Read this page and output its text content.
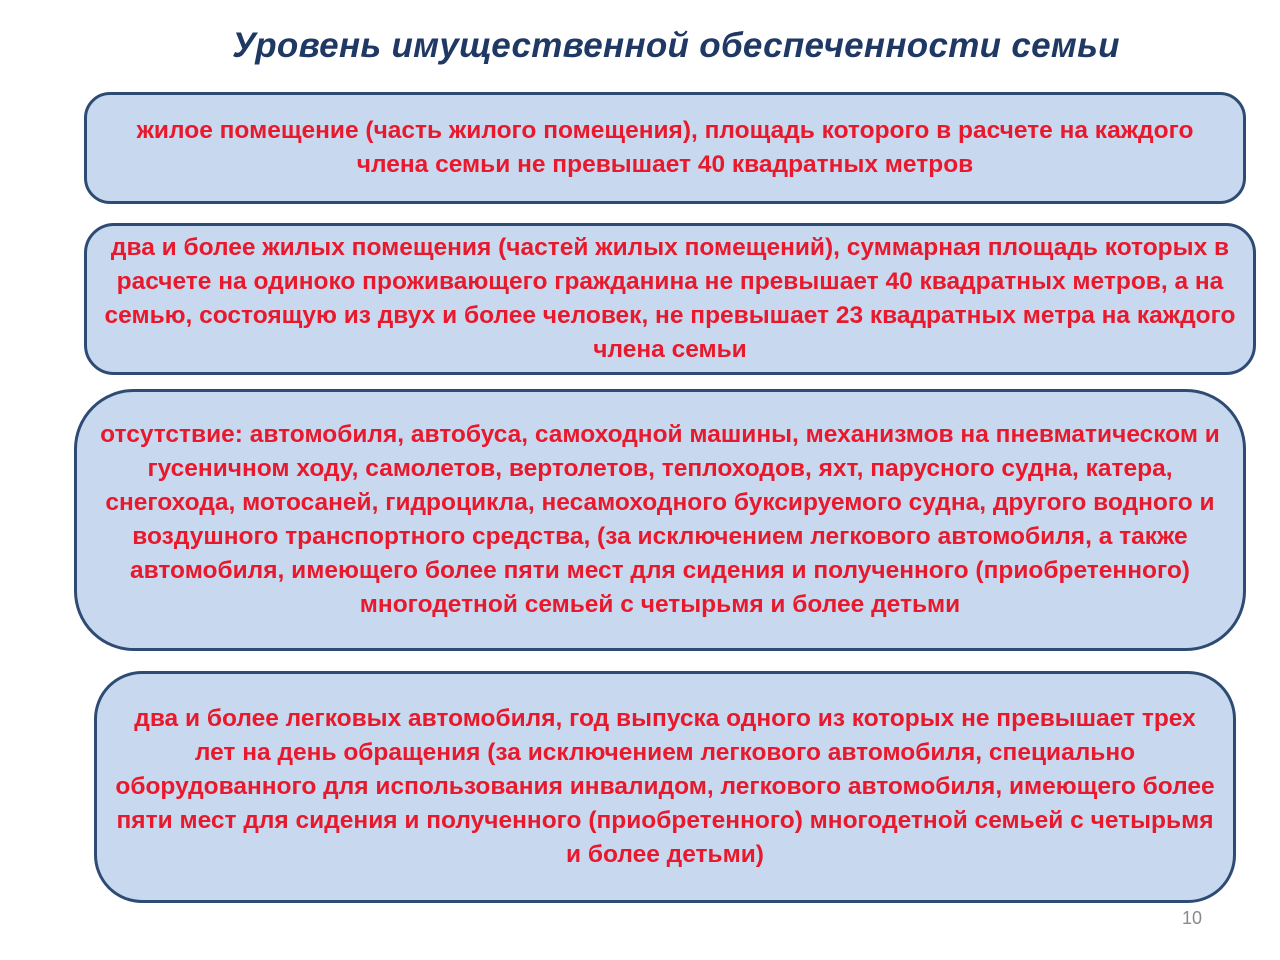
Уровень имущественной обеспеченности семьи
жилое помещение (часть жилого помещения), площадь которого в расчете на каждого члена семьи не превышает 40 квадратных метров
два и более жилых помещения (частей жилых помещений), суммарная площадь которых в расчете на одиноко проживающего гражданина не превышает 40 квадратных метров, а на семью, состоящую из двух и более человек, не превышает 23 квадратных метра на каждого члена семьи
отсутствие: автомобиля, автобуса, самоходной машины, механизмов на пневматическом и гусеничном ходу, самолетов, вертолетов, теплоходов, яхт, парусного судна, катера, снегохода, мотосаней, гидроцикла, несамоходного буксируемого судна, другого водного и воздушного транспортного средства, (за исключением легкового автомобиля, а также автомобиля, имеющего более пяти мест для сидения и полученного (приобретенного) многодетной семьей с четырьмя и более детьми
два и более легковых автомобиля, год выпуска одного из которых не превышает трех лет на день обращения (за исключением легкового автомобиля, специально оборудованного для использования инвалидом, легкового автомобиля, имеющего более пяти мест для сидения и полученного (приобретенного) многодетной семьей с четырьмя и более детьми)
10
